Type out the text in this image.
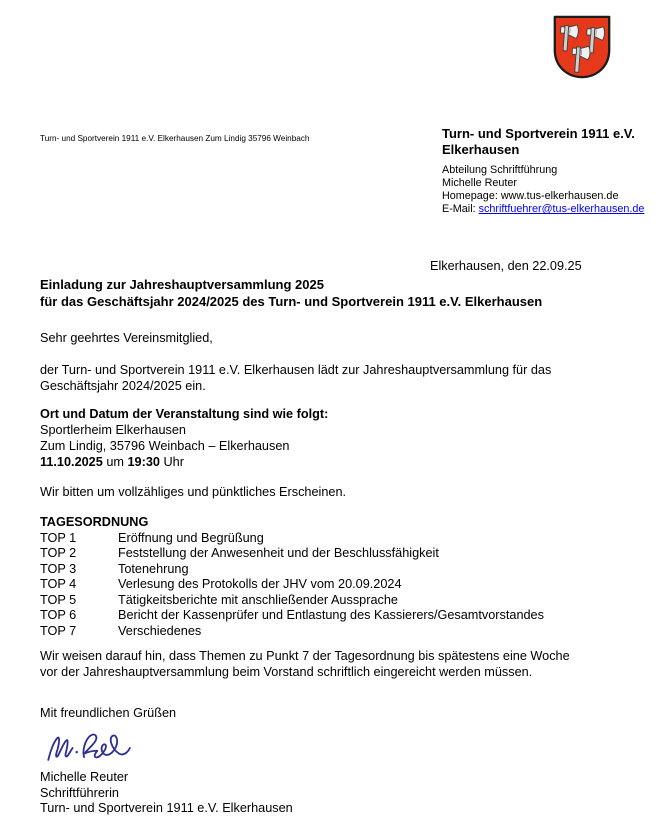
Turn- und Sportverein 1911 e.V. Elkerhausen Zum Lindig 35796 Weinbach	Turn- und Sportverein 1911 e.V.
Elkerhausen
Abteilung Schriftführung
Michelle Reuter
Homepage: www.tus-elkerhausen.de
E-Mail: schriftfuehrer@tus-elkerhausen.de
Elkerhausen, den 22.09.25
Einladung zur Jahreshauptversammlung 2025
für das Geschäftsjahr 2024/2025 des Turn- und Sportverein 1911 e.V. Elkerhausen

Sehr geehrtes Vereinsmitglied,

der Turn- und Sportverein 1911 e.V. Elkerhausen lädt zur Jahreshauptversammlung für das
Geschäftsjahr 2024/2025 ein.

Ort und Datum der Veranstaltung sind wie folgt:
Sportlerheim Elkerhausen
Zum Lindig, 35796 Weinbach – Elkerhausen
11.10.2025 um 19:30 Uhr

Wir bitten um vollzähliges und pünktliches Erscheinen.

TAGESORDNUNG
TOP 1	Eröffnung und Begrüßung
TOP 2	Feststellung der Anwesenheit und der Beschlussfähigkeit
TOP 3	Totenehrung
TOP 4	Verlesung des Protokolls der JHV vom 20.09.2024
TOP 5	Tätigkeitsberichte mit anschließender Aussprache
TOP 6	Bericht der Kassenprüfer und Entlastung des Kassierers/Gesamtvorstandes
TOP 7	Verschiedenes

Wir weisen darauf hin, dass Themen zu Punkt 7 der Tagesordnung bis spätestens eine Woche
vor der Jahreshauptversammlung beim Vorstand schriftlich eingereicht werden müssen.

Mit freundlichen Grüßen

Michelle Reuter
Schriftführerin
Turn- und Sportverein 1911 e.V. Elkerhausen
